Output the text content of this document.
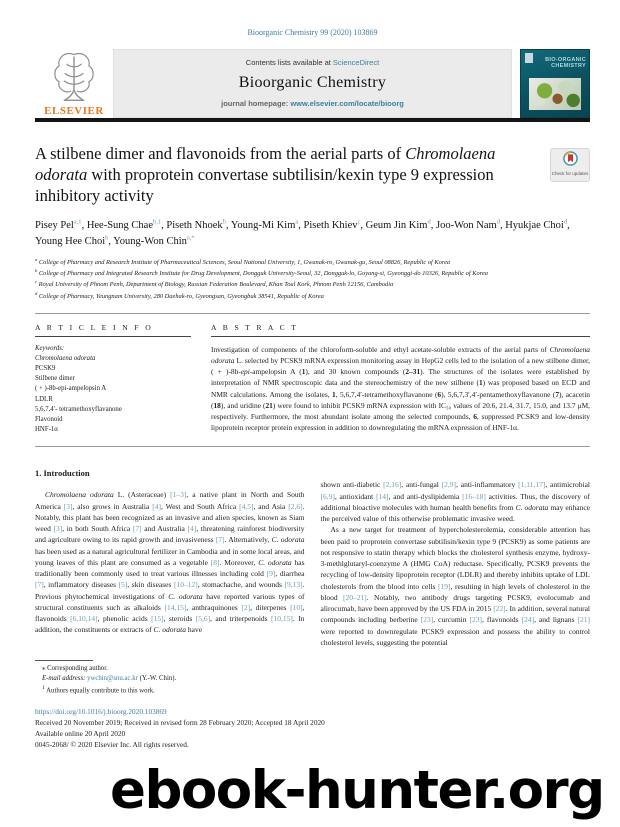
Bioorganic Chemistry 99 (2020) 103869
ELSEVIER
Contents lists available at ScienceDirect
Bioorganic Chemistry
journal homepage: www.elsevier.com/locate/bioorg
BIO-ORGANIC
CHEMISTRY
A stilbene dimer and flavonoids from the aerial parts of Chromolaena odorata with proprotein convertase subtilisin/kexin type 9 expression inhibitory activity
Check for updates
Pisey Pel$^{a,1}$, Hee-Sung Chae$^{b,1}$, Piseth Nhoek$^b$, Young-Mi Kim$^a$, Piseth Khiev$^c$, Geum Jin Kim$^d$, Joo-Won Nam$^d$, Hyukjae Choi$^d$, Young Hee Choi$^b$, Young-Won Chin$^{a,*}$
$^a$ College of Pharmacy and Research Institute of Pharmaceutical Sciences, Seoul National University, 1, Gwanak-ro, Gwanak-gu, Seoul 08826, Republic of Korea
$^b$ College of Pharmacy and Integrated Research Institute for Drug Development, Dongguk University-Seoul, 32, Dongguk-lo, Goyang-si, Gyeonggi-do 10326, Republic of Korea
$^c$ Royal University of Phnom Penh, Department of Biology, Russian Federation Boulevard, Khan Toul Kork, Phnom Penh 12156, Cambodia
$^d$ College of Pharmacy, Yeungnam University, 280 Daehak-ro, Gyeongsan, Gyeongbuk 38541, Republic of Korea
A R T I C L E I N F O
Keywords:
Chromolaena odorata
PCSK9
Stilbene dimer
( + )-8b-epi-ampelopsin A
LDLR
5,6,7,4′- tetramethoxyflavanone
Flavonoid
HNF-1α
A B S T R A C T
Investigation of components of the chloroform-soluble and ethyl acetate-soluble extracts of the aerial parts of Chromolaena odorata L. selected by PCSK9 mRNA expression monitoring assay in HepG2 cells led to the isolation of a new stilbene dimer, ( + )-8b-epi-ampelopsin A (1), and 30 known compounds (2–31). The structures of the isolates were established by interpretation of NMR spectroscopic data and the stereochemistry of the new stilbene (1) was proposed based on ECD and NMR calculations. Among the isolates, 1, 5,6,7,4′-tetramethoxyflavanone (6), 5,6,7,3′,4′-pentamethoxyflavanone (7), acacetin (18), and uridine (21) were found to inhibit PCSK9 mRNA expression with IC₅₀ values of 20.6, 21.4, 31.7, 15.0, and 13.7 μM, respectively. Furthermore, the most abundant isolate among the selected compounds, 6, suppressed PCSK9 and low-density lipoprotein receptor protein expression in addition to downregulating the mRNA expression of HNF-1α.
1. Introduction
Chromolaena odorata L. (Asteraceae) [1–3], a native plant in North and South America [3], also grows in Australia [4], West and South Africa [4,5], and Asia [2,6]. Notably, this plant has been recognized as an invasive and alien species, known as Siam weed [3], in both South Africa [7] and Australia [4], threatening rainforest biodiversity and agriculture owing to its rapid growth and invasiveness [7]. Alternatively, C. odorata has been used as a natural agricultural fertilizer in Cambodia and in some local areas, and young leaves of this plant are consumed as a vegetable [8]. Moreover, C. odorata has traditionally been commonly used to treat various illnesses including cold [9], diarrhea [7], inflammatory diseases [5], skin diseases [10–12], stomachache, and wounds [9,13]. Previous phytochemical investigations of C. odorata have reported various types of structural constituents such as alkaloids [14,15], anthraquinones [2], diterpenes [10], flavonoids [6,10,14], phenolic acids [15], steroids [5,6], and triterpenoids [10,15]. In addition, the constituents or extracts of C. odorata have
shown anti-diabetic [2,16], anti-fungal [2,9], anti-inflammatory [1,11,17], antimicrobial [6,9], antioxidant [14], and anti-dyslipidemia [16–18] activities. Thus, the discovery of additional bioactive molecules with human health benefits from C. odorata may enhance the perceived value of this otherwise problematic invasive weed.
As a new target for treatment of hypercholesterolemia, considerable attention has been paid to proprotein convertase subtilisin/kexin type 9 (PCSK9) as some patients are not responsive to statin therapy which blocks the cholesterol synthesis enzyme, hydroxy-3-methlglutaryl-coenzyme A (HMG CoA) reductase. Specifically, PCSK9 prevents the recycling of low-density lipoprotein receptor (LDLR) and thereby inhibits uptake of LDL cholesterols from the blood into cells [19], resulting in high levels of cholesterol in the blood [20–21]. Notably, two antibody drugs targeting PCSK9, evolocumab and alirocumab, have been approved by the US FDA in 2015 [22]. In addition, several natural compounds including berberine [23], curcumin [23], flavonoids [24], and lignans [21] were reported to downregulate PCSK9 expression and possess the ability to control cholesterol levels, suggesting the potential
⁎ Corresponding author.
E-mail address: ywchin@snu.ac.kr (Y.-W. Chin).
$^1$ Authors equally contribute to this work.
https://doi.org/10.1016/j.bioorg.2020.103869
Received 20 November 2019; Received in revised form 28 February 2020; Accepted 18 April 2020
Available online 20 April 2020
0045-2068/ © 2020 Elsevier Inc. All rights reserved.
ebook-hunter.org
